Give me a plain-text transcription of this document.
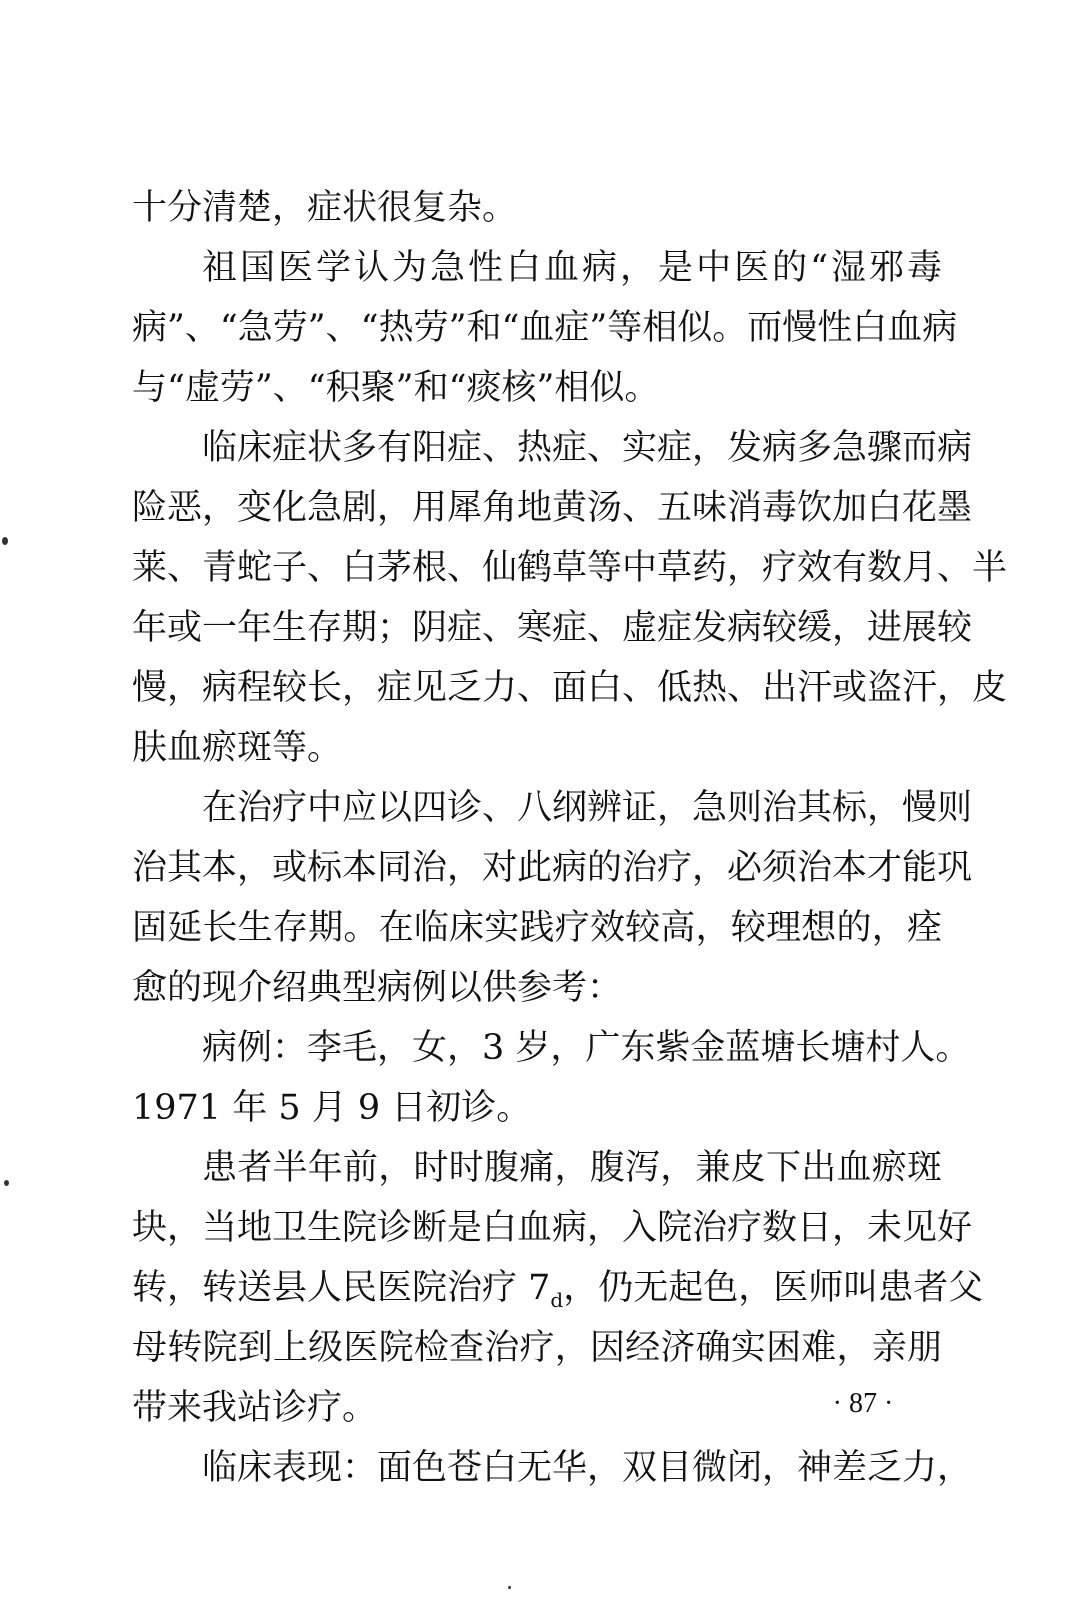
十分清楚，症状很复杂。
祖国医学认为急性白血病，是中医的“湿邪毒
病”、“急劳”、“热劳”和“血症”等相似。而慢性白血病
与“虚劳”、“积聚”和“痰核”相似。
临床症状多有阳症、热症、实症，发病多急骤而病
险恶，变化急剧，用犀角地黄汤、五味消毒饮加白花墨
莱、青蛇子、白茅根、仙鹤草等中草药，疗效有数月、半
年或一年生存期；阴症、寒症、虚症发病较缓，进展较
慢，病程较长，症见乏力、面白、低热、出汗或盗汗，皮
肤血瘀斑等。
在治疗中应以四诊、八纲辨证，急则治其标，慢则
治其本，或标本同治，对此病的治疗，必须治本才能巩
固延长生存期。在临床实践疗效较高，较理想的，痊
愈的现介绍典型病例以供参考：
病例：李毛，女，3 岁，广东紫金蓝塘长塘村人。
1971 年 5 月 9 日初诊。
患者半年前，时时腹痛，腹泻，兼皮下出血瘀斑
块，当地卫生院诊断是白血病，入院治疗数日，未见好
转，转送县人民医院治疗 $7_d$，仍无起色，医师叫患者父
母转院到上级医院检查治疗，因经济确实困难，亲朋
带来我站诊疗。
临床表现：面色苍白无华，双目微闭，神差乏力，
· 87 ·
